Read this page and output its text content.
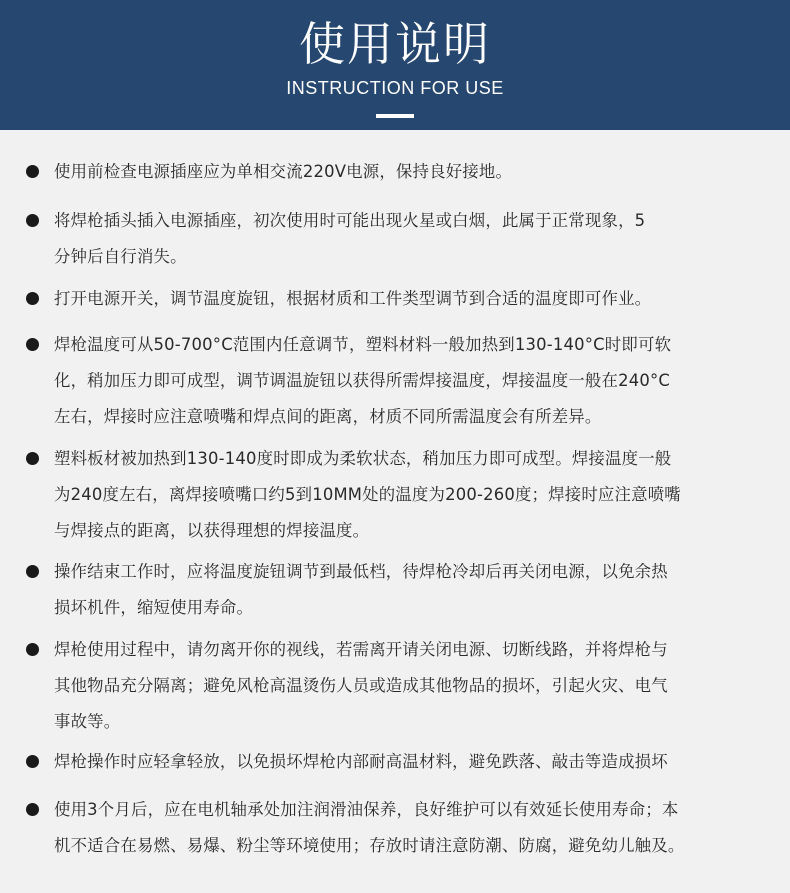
使用说明
INSTRUCTION FOR USE
使用前检查电源插座应为单相交流220V电源，保持良好接地。
将焊枪插头插入电源插座，初次使用时可能出现火星或白烟，此属于正常现象，5
分钟后自行消失。
打开电源开关，调节温度旋钮，根据材质和工件类型调节到合适的温度即可作业。
焊枪温度可从50-700°C范围内任意调节，塑料材料一般加热到130-140°C时即可软
化，稍加压力即可成型，调节调温旋钮以获得所需焊接温度，焊接温度一般在240°C
左右，焊接时应注意喷嘴和焊点间的距离，材质不同所需温度会有所差异。
塑料板材被加热到130-140度时即成为柔软状态，稍加压力即可成型。焊接温度一般
为240度左右，离焊接喷嘴口约5到10MM处的温度为200-260度；焊接时应注意喷嘴
与焊接点的距离，以获得理想的焊接温度。
操作结束工作时，应将温度旋钮调节到最低档，待焊枪冷却后再关闭电源，以免余热
损坏机件，缩短使用寿命。
焊枪使用过程中，请勿离开你的视线，若需离开请关闭电源、切断线路，并将焊枪与
其他物品充分隔离；避免风枪高温烫伤人员或造成其他物品的损坏，引起火灾、电气
事故等。
焊枪操作时应轻拿轻放，以免损坏焊枪内部耐高温材料，避免跌落、敲击等造成损坏
使用3个月后，应在电机轴承处加注润滑油保养，良好维护可以有效延长使用寿命；本
机不适合在易燃、易爆、粉尘等环境使用；存放时请注意防潮、防腐，避免幼儿触及。
